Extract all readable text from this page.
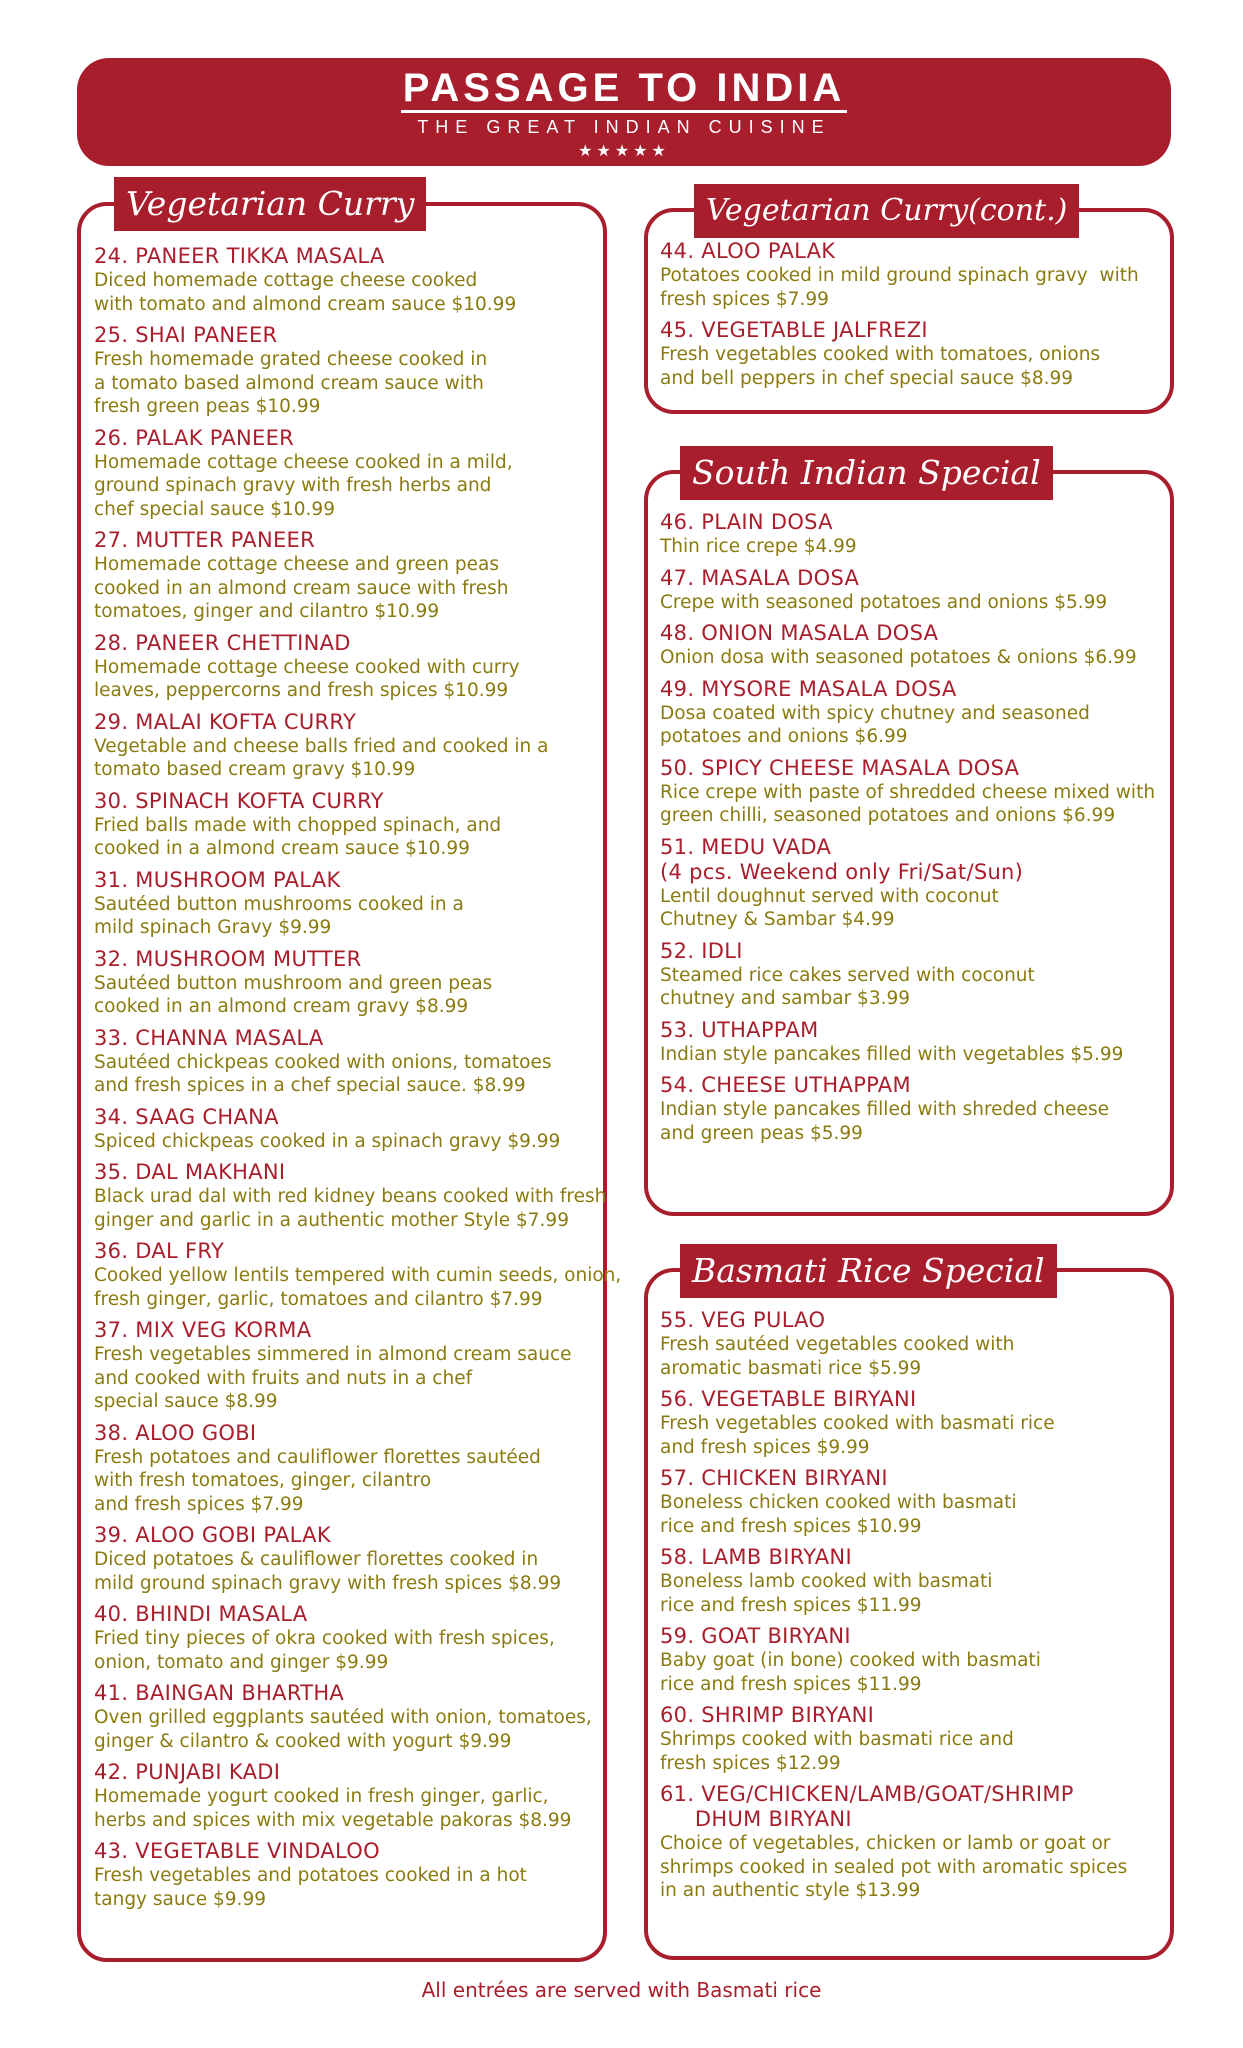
PASSAGE TO INDIA
THE GREAT INDIAN CUISINE
★★★★★
Vegetarian Curry
24. PANEER TIKKA MASALA
Diced homemade cottage cheese cooked
with tomato and almond cream sauce $10.99
25. SHAI PANEER
Fresh homemade grated cheese cooked in
a tomato based almond cream sauce with
fresh green peas $10.99
26. PALAK PANEER
Homemade cottage cheese cooked in a mild,
ground spinach gravy with fresh herbs and
chef special sauce $10.99
27. MUTTER PANEER
Homemade cottage cheese and green peas
cooked in an almond cream sauce with fresh
tomatoes, ginger and cilantro $10.99
28. PANEER CHETTINAD
Homemade cottage cheese cooked with curry
leaves, peppercorns and fresh spices $10.99
29. MALAI KOFTA CURRY
Vegetable and cheese balls fried and cooked in a
tomato based cream gravy $10.99
30. SPINACH KOFTA CURRY
Fried balls made with chopped spinach, and
cooked in a almond cream sauce $10.99
31. MUSHROOM PALAK
Sautéed button mushrooms cooked in a
mild spinach Gravy $9.99
32. MUSHROOM MUTTER
Sautéed button mushroom and green peas
cooked in an almond cream gravy $8.99
33. CHANNA MASALA
Sautéed chickpeas cooked with onions, tomatoes
and fresh spices in a chef special sauce. $8.99
34. SAAG CHANA
Spiced chickpeas cooked in a spinach gravy $9.99
35. DAL MAKHANI
Black urad dal with red kidney beans cooked with fresh
ginger and garlic in a authentic mother Style $7.99
36. DAL FRY
Cooked yellow lentils tempered with cumin seeds, onion,
fresh ginger, garlic, tomatoes and cilantro $7.99
37. MIX VEG KORMA
Fresh vegetables simmered in almond cream sauce
and cooked with fruits and nuts in a chef
special sauce $8.99
38. ALOO GOBI
Fresh potatoes and cauliflower florettes sautéed
with fresh tomatoes, ginger, cilantro
and fresh spices $7.99
39. ALOO GOBI PALAK
Diced potatoes & cauliflower florettes cooked in
mild ground spinach gravy with fresh spices $8.99
40. BHINDI MASALA
Fried tiny pieces of okra cooked with fresh spices,
onion, tomato and ginger $9.99
41. BAINGAN BHARTHA
Oven grilled eggplants sautéed with onion, tomatoes,
ginger & cilantro & cooked with yogurt $9.99
42. PUNJABI KADI
Homemade yogurt cooked in fresh ginger, garlic,
herbs and spices with mix vegetable pakoras $8.99
43. VEGETABLE VINDALOO
Fresh vegetables and potatoes cooked in a hot
tangy sauce $9.99
Vegetarian Curry(cont.)
44. ALOO PALAK
Potatoes cooked in mild ground spinach gravy  with
fresh spices $7.99
45. VEGETABLE JALFREZI
Fresh vegetables cooked with tomatoes, onions
and bell peppers in chef special sauce $8.99
South Indian Special
46. PLAIN DOSA
Thin rice crepe $4.99
47. MASALA DOSA
Crepe with seasoned potatoes and onions $5.99
48. ONION MASALA DOSA
Onion dosa with seasoned potatoes & onions $6.99
49. MYSORE MASALA DOSA
Dosa coated with spicy chutney and seasoned
potatoes and onions $6.99
50. SPICY CHEESE MASALA DOSA
Rice crepe with paste of shredded cheese mixed with
green chilli, seasoned potatoes and onions $6.99
51. MEDU VADA
(4 pcs. Weekend only Fri/Sat/Sun)
Lentil doughnut served with coconut
Chutney & Sambar $4.99
52. IDLI
Steamed rice cakes served with coconut
chutney and sambar $3.99
53. UTHAPPAM
Indian style pancakes filled with vegetables $5.99
54. CHEESE UTHAPPAM
Indian style pancakes filled with shreded cheese
and green peas $5.99
Basmati Rice Special
55. VEG PULAO
Fresh sautéed vegetables cooked with
aromatic basmati rice $5.99
56. VEGETABLE BIRYANI
Fresh vegetables cooked with basmati rice
and fresh spices $9.99
57. CHICKEN BIRYANI
Boneless chicken cooked with basmati
rice and fresh spices $10.99
58. LAMB BIRYANI
Boneless lamb cooked with basmati
rice and fresh spices $11.99
59. GOAT BIRYANI
Baby goat (in bone) cooked with basmati
rice and fresh spices $11.99
60. SHRIMP BIRYANI
Shrimps cooked with basmati rice and
fresh spices $12.99
61. VEG/CHICKEN/LAMB/GOAT/SHRIMP
DHUM BIRYANI
Choice of vegetables, chicken or lamb or goat or
shrimps cooked in sealed pot with aromatic spices
in an authentic style $13.99
All entrées are served with Basmati rice
